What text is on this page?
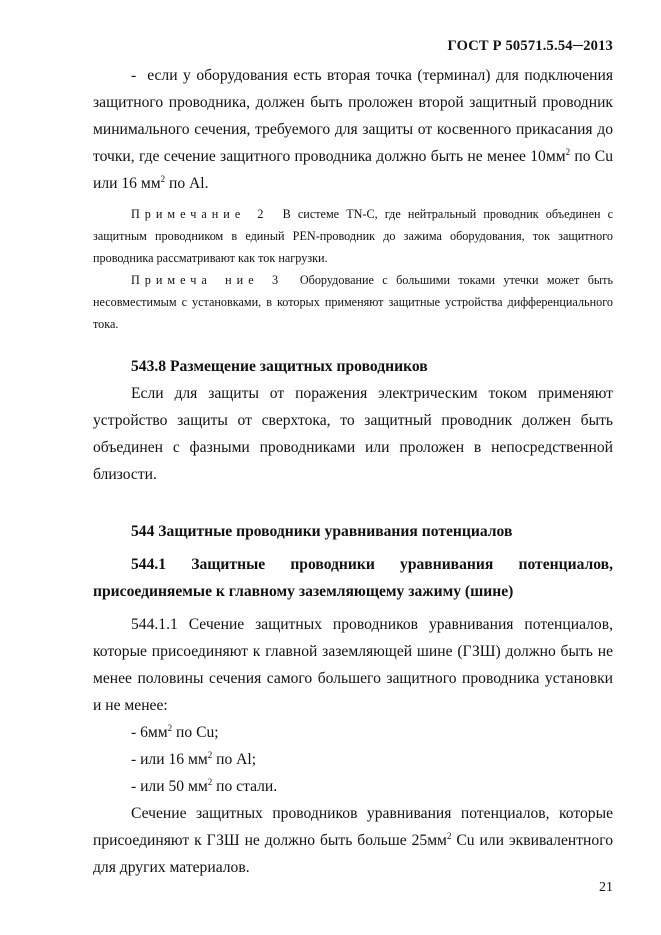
ГОСТ Р 50571.5.54─2013

- если у оборудования есть вторая точка (терминал) для подключения защитного проводника, должен быть проложен второй защитный проводник минимального сечения, требуемого для защиты от косвенного прикасания до точки, где сечение защитного проводника должно быть не менее $10мм^2$ по Cu или 16 $мм^2$ по Al.

Примечание 2 В системе TN-C, где нейтральный проводник объединен с защитным проводником в единый PEN-проводник до зажима оборудования, ток защитного проводника рассматривают как ток нагрузки.

Примеча ние 3 Оборудование с большими токами утечки может быть несовместимым с установками, в которых применяют защитные устройства дифференциального тока.

543.8 Размещение защитных проводников

Если для защиты от поражения электрическим током применяют устройство защиты от сверхтока, то защитный проводник должен быть объединен с фазными проводниками или проложен в непосредственной близости.

544 Защитные проводники уравнивания потенциалов

544.1 Защитные проводники уравнивания потенциалов,

присоединяемые к главному заземляющему зажиму (шине)

544.1.1 Сечение защитных проводников уравнивания потенциалов, которые присоединяют к главной заземляющей шине (ГЗШ) должно быть не менее половины сечения самого большего защитного проводника установки и не менее:

- $6мм^2$ по Cu;

- или 16 $мм^2$ по Al;

- или 50 $мм^2$ по стали.

Сечение защитных проводников уравнивания потенциалов, которые присоединяют к ГЗШ не должно быть больше $25мм^2$ Cu или эквивалентного для других материалов.

21
